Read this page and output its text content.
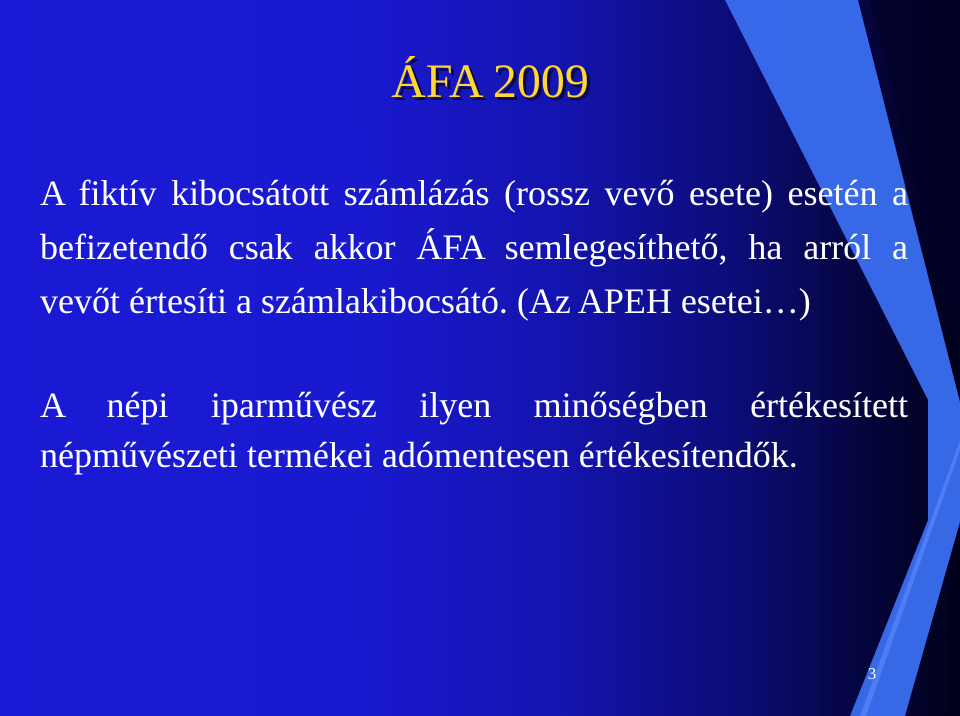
ÁFA 2009

A fiktív kibocsátott számlázás (rossz vevő esete) esetén a befizetendő csak akkor ÁFA semlegesíthető, ha arról a vevőt értesíti a számlakibocsátó. (Az APEH esetei…)

A népi iparművész ilyen minőségben értékesített népművészeti termékei adómentesen értékesítendők.

3
